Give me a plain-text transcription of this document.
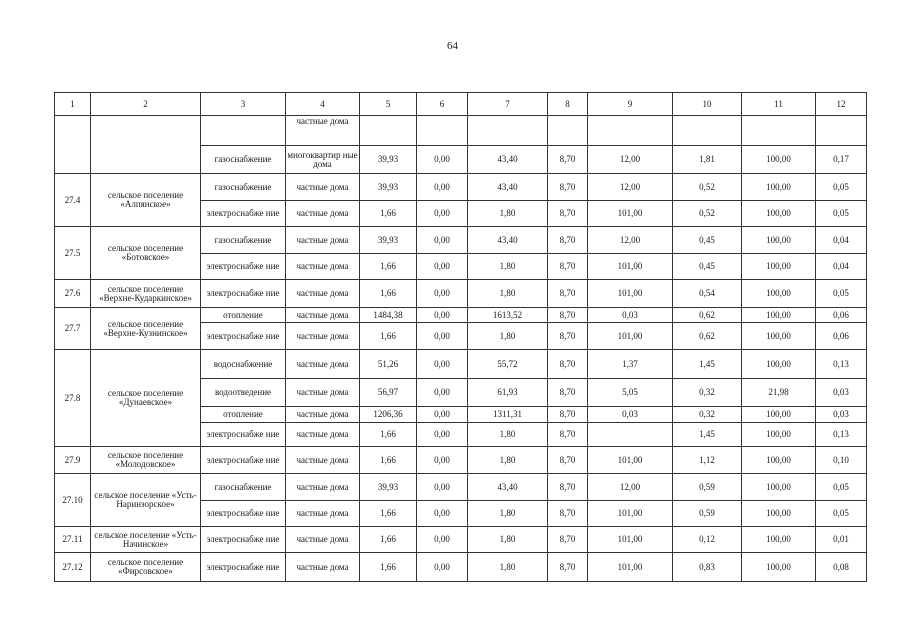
64
1	2	3	4	5	6	7	8	9	10	11	12
			частные дома								
		газоснабжение	многоквартир ные дома	39,93	0,00	43,40	8,70	12,00	1,81	100,00	0,17
27.4	сельское поселение «Алпянское»	газоснабжение	частные дома	39,93	0,00	43,40	8,70	12,00	0,52	100,00	0,05
		электроснабже ние	частные дома	1,66	0,00	1,80	8,70	101,00	0,52	100,00	0,05
27.5	сельское поселение «Ботовское»	газоснабжение	частные дома	39,93	0,00	43,40	8,70	12,00	0,45	100,00	0,04
		электроснабже ние	частные дома	1,66	0,00	1,80	8,70	101,00	0,45	100,00	0,04
27.6	сельское поселение «Верхне-Кударкинское»	электроснабже ние	частные дома	1,66	0,00	1,80	8,70	101,00	0,54	100,00	0,05
27.7	сельское поселение «Верхне-Кузнинское»	отопление	частные дома	1484,38	0,00	1613,52	8,70	0,03	0,62	100,00	0,06
		электроснабже ние	частные дома	1,66	0,00	1,80	8,70	101,00	0,62	100,00	0,06
27.8	сельское поселение «Дунаевское»	водоснабжение	частные дома	51,26	0,00	55,72	8,70	1,37	1,45	100,00	0,13
		водоотведение	частные дома	56,97	0,00	61,93	8,70	5,05	0,32	21,98	0,03
		отопление	частные дома	1206,36	0,00	1311,31	8,70	0,03	0,32	100,00	0,03
		электроснабже ние	частные дома	1,66	0,00	1,80	8,70		1,45	100,00	0,13
27.9	сельское поселение «Молодовское»	электроснабже ние	частные дома	1,66	0,00	1,80	8,70	101,00	1,12	100,00	0,10
27.10	сельское поселение «Усть-Наринзорское»	газоснабжение	частные дома	39,93	0,00	43,40	8,70	12,00	0,59	100,00	0,05
		электроснабже ние	частные дома	1,66	0,00	1,80	8,70	101,00	0,59	100,00	0,05
27.11	сельское поселение «Усть-Начинское»	электроснабже ние	частные дома	1,66	0,00	1,80	8,70	101,00	0,12	100,00	0,01
27.12	сельское поселение «Фирсовское»	электроснабже ние	частные дома	1,66	0,00	1,80	8,70	101,00	0,83	100,00	0,08
